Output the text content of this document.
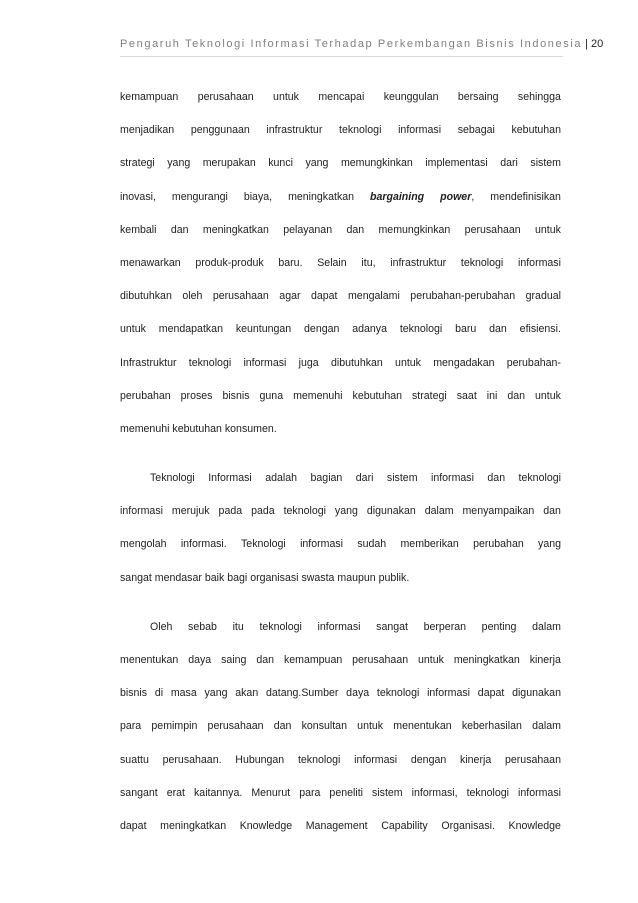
Pengaruh Teknologi Informasi Terhadap Perkembangan Bisnis Indonesia | 20
kemampuan perusahaan untuk mencapai keunggulan bersaing sehingga
menjadikan penggunaan infrastruktur teknologi informasi sebagai kebutuhan
strategi yang merupakan kunci yang memungkinkan implementasi dari sistem
inovasi, mengurangi biaya, meningkatkan bargaining power, mendefinisikan
kembali dan meningkatkan pelayanan dan memungkinkan perusahaan untuk
menawarkan produk-produk baru. Selain itu, infrastruktur teknologi informasi
dibutuhkan oleh perusahaan agar dapat mengalami perubahan-perubahan gradual
untuk mendapatkan keuntungan dengan adanya teknologi baru dan efisiensi.
Infrastruktur teknologi informasi juga dibutuhkan untuk mengadakan perubahan-
perubahan proses bisnis guna memenuhi kebutuhan strategi saat ini dan untuk
memenuhi kebutuhan konsumen.
Teknologi Informasi adalah bagian dari sistem informasi dan teknologi
informasi merujuk pada pada teknologi yang digunakan dalam menyampaikan dan
mengolah informasi. Teknologi informasi sudah memberikan perubahan yang
sangat mendasar baik bagi organisasi swasta maupun publik.
Oleh sebab itu teknologi informasi sangat berperan penting dalam
menentukan daya saing dan kemampuan perusahaan untuk meningkatkan kinerja
bisnis di masa yang akan datang.Sumber daya teknologi informasi dapat digunakan
para pemimpin perusahaan dan konsultan untuk menentukan keberhasilan dalam
suattu perusahaan. Hubungan teknologi informasi dengan kinerja perusahaan
sangant erat kaitannya. Menurut para peneliti sistem informasi, teknologi informasi
dapat meningkatkan Knowledge Management Capability Organisasi. Knowledge
